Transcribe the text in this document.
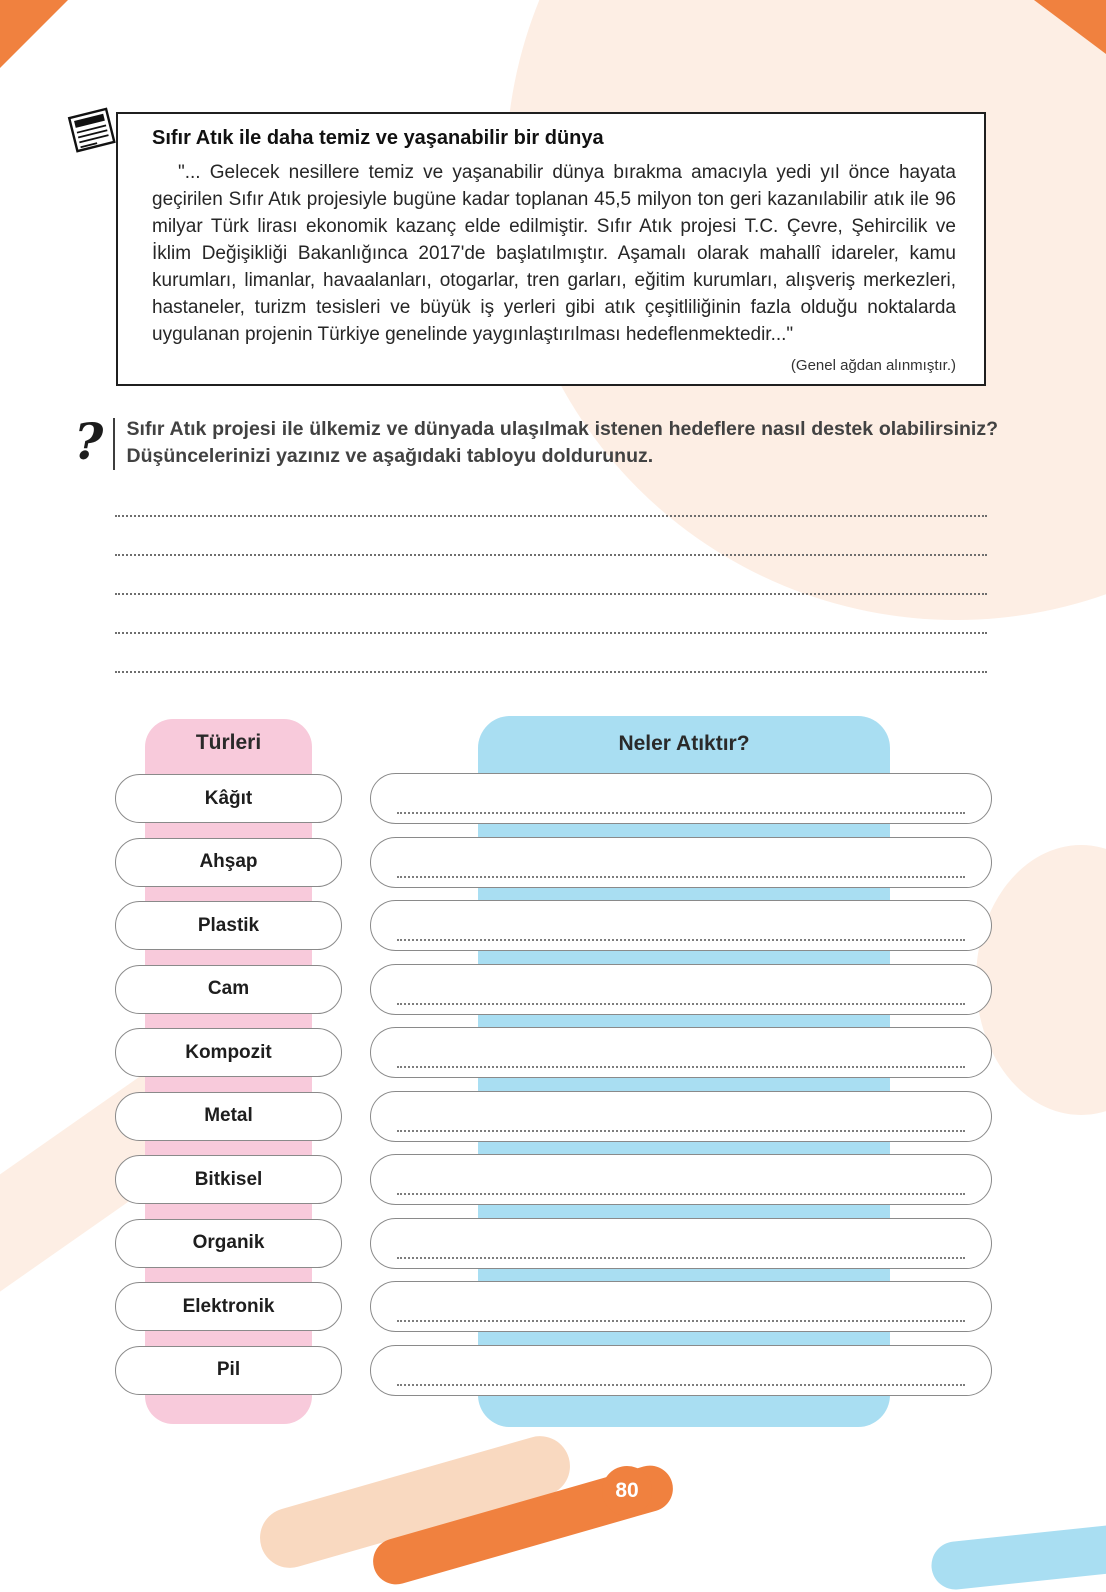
Sıfır Atık ile daha temiz ve yaşanabilir bir dünya

"... Gelecek nesillere temiz ve yaşanabilir dünya bırakma amacıyla yedi yıl önce hayata geçirilen Sıfır Atık projesiyle bugüne kadar toplanan 45,5 milyon ton geri kazanılabilir atık ile 96 milyar Türk lirası ekonomik kazanç elde edilmiştir. Sıfır Atık projesi T.C. Çevre, Şehircilik ve İklim Değişikliği Bakanlığınca 2017'de başlatılmıştır. Aşamalı olarak mahallî idareler, kamu kurumları, limanlar, havaalanları, otogarlar, tren garları, eğitim kurumları, alışveriş merkezleri, hastaneler, turizm tesisleri ve büyük iş yerleri gibi atık çeşitliliğinin fazla olduğu noktalarda uygulanan projenin Türkiye genelinde yaygınlaştırılması hedeflenmektedir..."

(Genel ağdan alınmıştır.)
? Sıfır Atık projesi ile ülkemiz ve dünyada ulaşılmak istenen hedeflere nasıl destek olabilirsiniz? Düşüncelerinizi yazınız ve aşağıdaki tabloyu doldurunuz.

Türleri	Neler Atıktır?
Kâğıt
Ahşap
Plastik
Cam
Kompozit
Metal
Bitkisel
Organik
Elektronik
Pil
80
